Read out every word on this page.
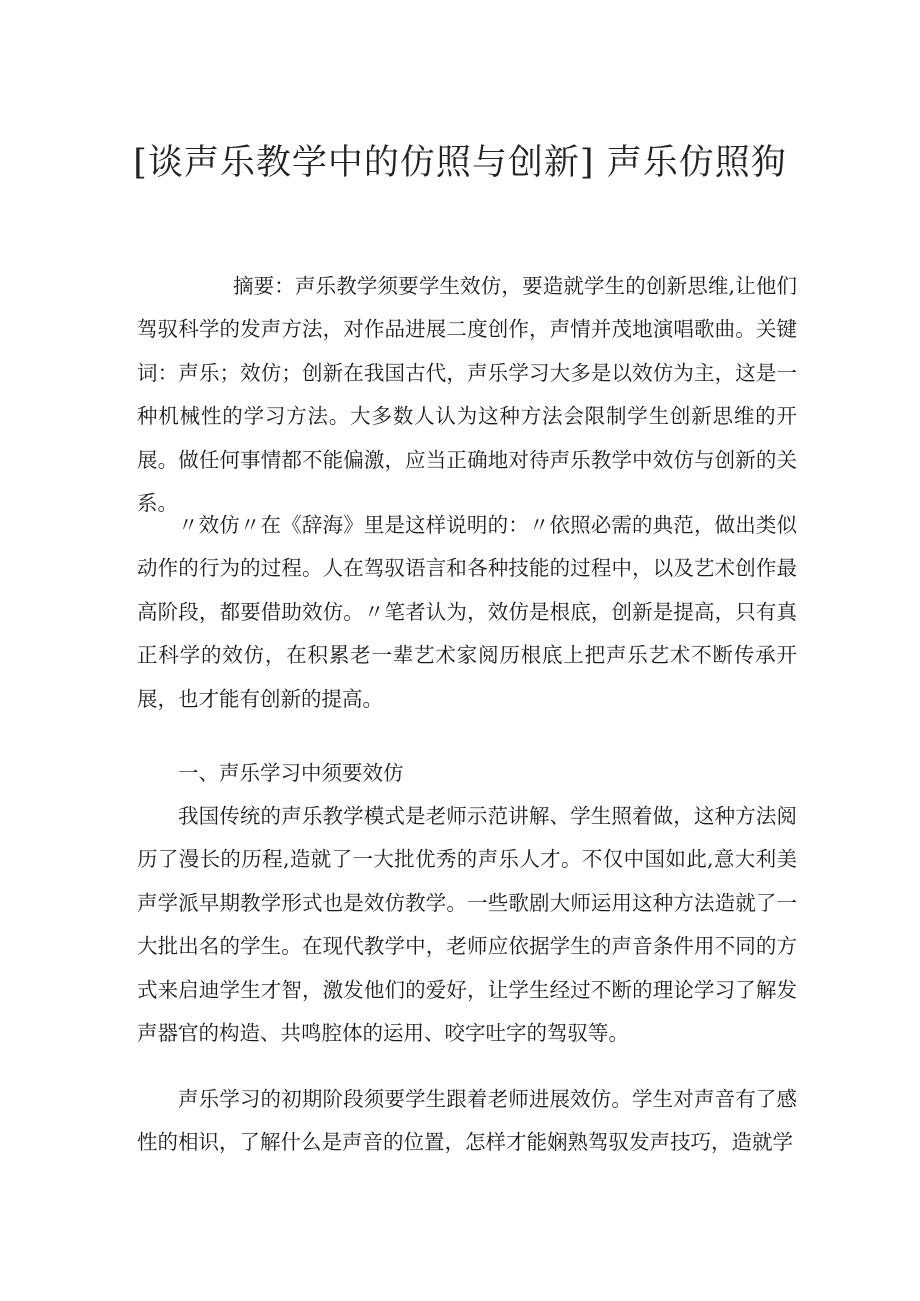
[谈声乐教学中的仿照与创新] 声乐仿照狗
摘要：声乐教学须要学生效仿，要造就学生的创新思维,让他们驾驭科学的发声方法，对作品进展二度创作，声情并茂地演唱歌曲。关键词：声乐；效仿；创新在我国古代，声乐学习大多是以效仿为主，这是一种机械性的学习方法。大多数人认为这种方法会限制学生创新思维的开展。做任何事情都不能偏激，应当正确地对待声乐教学中效仿与创新的关系。
〃效仿〃在《辞海》里是这样说明的：〃依照必需的典范，做出类似动作的行为的过程。人在驾驭语言和各种技能的过程中，以及艺术创作最高阶段，都要借助效仿。〃笔者认为，效仿是根底，创新是提高，只有真正科学的效仿，在积累老一辈艺术家阅历根底上把声乐艺术不断传承开展，也才能有创新的提高。
一、声乐学习中须要效仿
我国传统的声乐教学模式是老师示范讲解、学生照着做，这种方法阅历了漫长的历程,造就了一大批优秀的声乐人才。不仅中国如此,意大利美声学派早期教学形式也是效仿教学。一些歌剧大师运用这种方法造就了一大批出名的学生。在现代教学中，老师应依据学生的声音条件用不同的方式来启迪学生才智，激发他们的爱好，让学生经过不断的理论学习了解发声器官的构造、共鸣腔体的运用、咬字吐字的驾驭等。
声乐学习的初期阶段须要学生跟着老师进展效仿。学生对声音有了感性的相识，了解什么是声音的位置，怎样才能娴熟驾驭发声技巧，造就学
